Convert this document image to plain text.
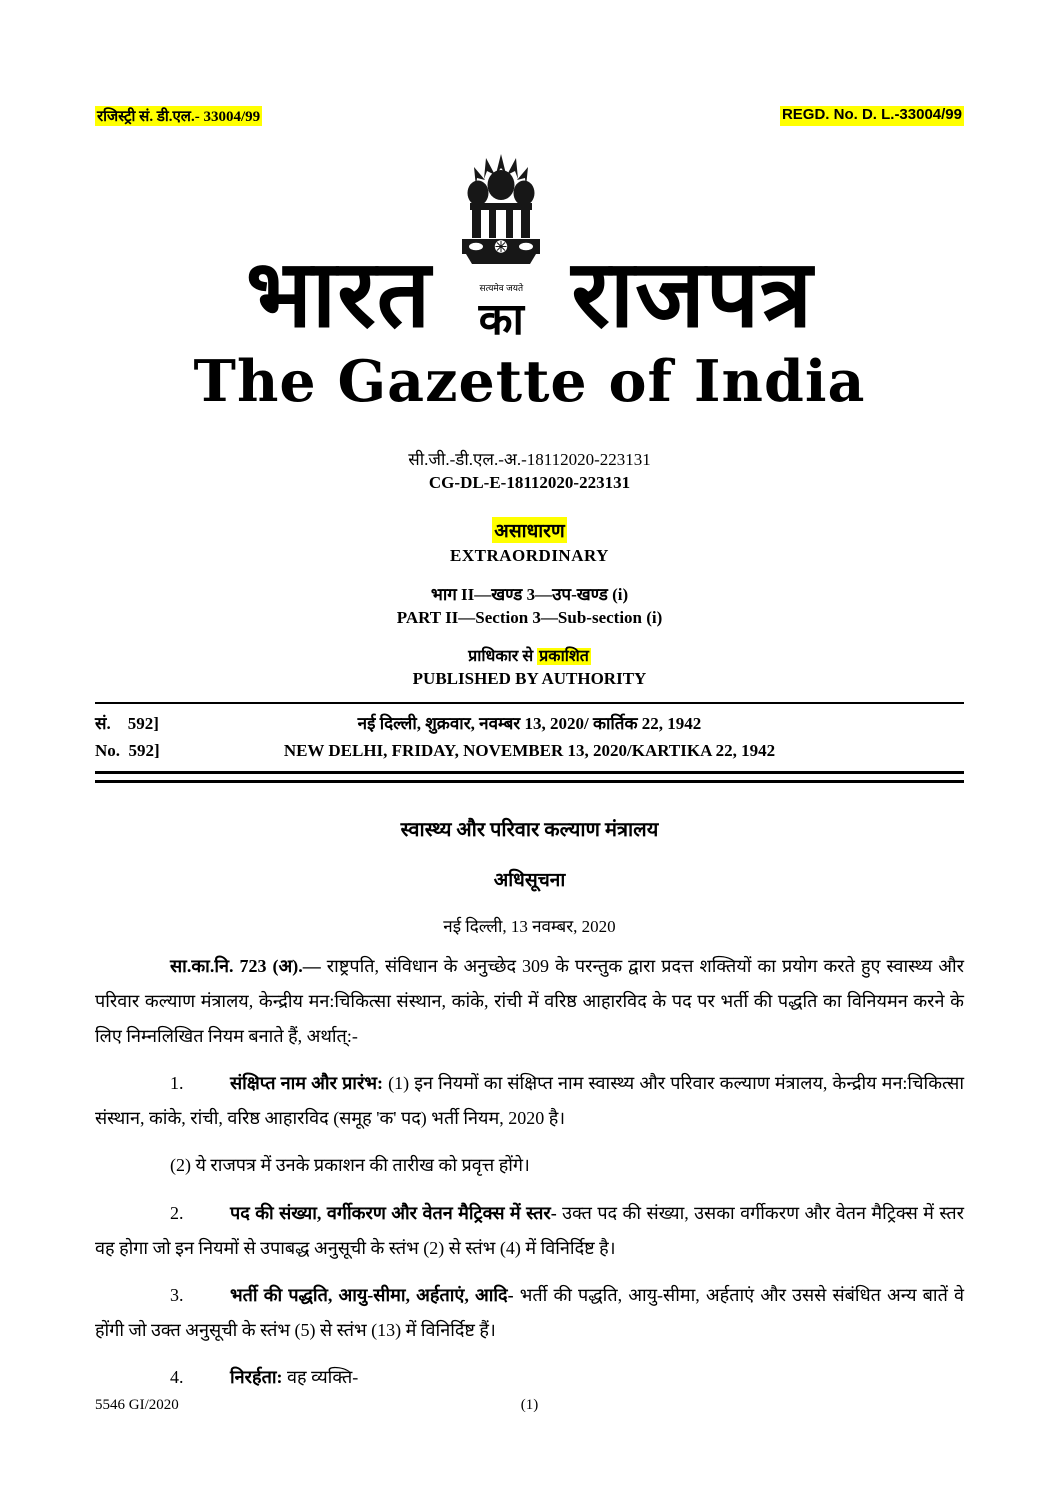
रजिस्ट्री सं. डी.एल.- 33004/99	REGD. No. D. L.-33004/99
भारत	सत्यमेव जयते
का राजपत्र
The Gazette of India
सी.जी.-डी.एल.-अ.-18112020-223131
CG-DL-E-18112020-223131
असाधारण
EXTRAORDINARY
भाग II—खण्ड 3—उप-खण्ड (i)
PART II—Section 3—Sub-section (i)
प्राधिकार से प्रकाशित
PUBLISHED BY AUTHORITY
सं.    592]
No.  592]
नई दिल्ली, शुक्रवार, नवम्बर 13, 2020/ कार्तिक 22, 1942
NEW DELHI, FRIDAY, NOVEMBER 13, 2020/KARTIKA 22, 1942
स्वास्थ्य और परिवार कल्याण मंत्रालय
अधिसूचना
नई दिल्ली, 13 नवम्बर, 2020

सा.का.नि. 723 (अ).— राष्ट्रपति, संविधान के अनुच्छेद 309 के परन्तुक द्वारा प्रदत्त शक्तियों का प्रयोग करते हुए स्वास्थ्य और परिवार कल्याण मंत्रालय, केन्द्रीय मन:चिकित्सा संस्थान, कांके, रांची में वरिष्ठ आहारविद के पद पर भर्ती की पद्धति का विनियमन करने के लिए निम्नलिखित नियम बनाते हैं, अर्थात्:-

1.	संक्षिप्त नाम और प्रारंभ: (1) इन नियमों का संक्षिप्त नाम स्वास्थ्य और परिवार कल्याण मंत्रालय, केन्द्रीय मन:चिकित्सा संस्थान, कांके, रांची, वरिष्ठ आहारविद (समूह 'क' पद) भर्ती नियम, 2020 है।

(2) ये राजपत्र में उनके प्रकाशन की तारीख को प्रवृत्त होंगे।

2.	पद की संख्या, वर्गीकरण और वेतन मैट्रिक्स में स्तर- उक्त पद की संख्या, उसका वर्गीकरण और वेतन मैट्रिक्स में स्तर वह होगा जो इन नियमों से उपाबद्ध अनुसूची के स्तंभ (2) से स्तंभ (4) में विनिर्दिष्ट है।

3.	भर्ती की पद्धति, आयु-सीमा, अर्हताएं, आदि- भर्ती की पद्धति, आयु-सीमा, अर्हताएं और उससे संबंधित अन्य बातें वे होंगी जो उक्त अनुसूची के स्तंभ (5) से स्तंभ (13) में विनिर्दिष्ट हैं।

4.	निरर्हता: वह व्यक्ति-

5546 GI/2020	(1)
